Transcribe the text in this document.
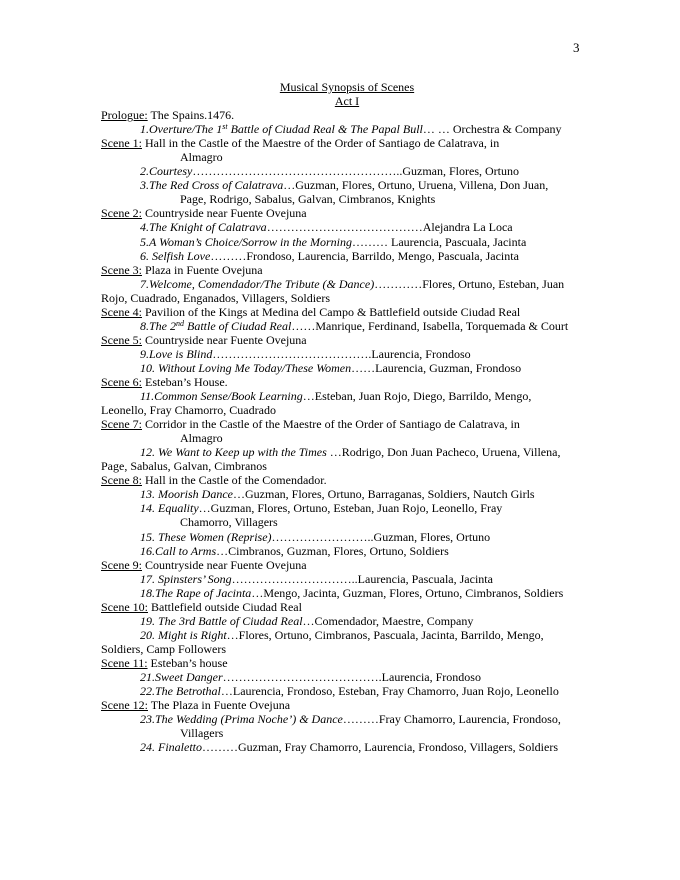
3
Musical Synopsis of Scenes
Act I
Prologue: The Spains.1476.
1.Overture/The 1st Battle of Ciudad Real & The Papal Bull… … Orchestra & Company
Scene 1: Hall in the Castle of the Maestre of the Order of Santiago de Calatrava, in
Almagro
2.Courtesy……………………………………………..Guzman, Flores, Ortuno
3.The Red Cross of Calatrava…Guzman, Flores, Ortuno, Uruena, Villena, Don Juan,
Page, Rodrigo, Sabalus, Galvan, Cimbranos, Knights
Scene 2: Countryside near Fuente Ovejuna
4.The Knight of Calatrava…………………………………Alejandra La Loca
5.A Woman’s Choice/Sorrow in the Morning……… Laurencia, Pascuala, Jacinta
6. Selfish Love………Frondoso, Laurencia, Barrildo, Mengo, Pascuala, Jacinta
Scene 3: Plaza in Fuente Ovejuna
7.Welcome, Comendador/The Tribute (& Dance)…………Flores, Ortuno, Esteban, Juan
Rojo, Cuadrado, Enganados, Villagers, Soldiers
Scene 4: Pavilion of the Kings at Medina del Campo & Battlefield outside Ciudad Real
8.The 2nd Battle of Ciudad Real……Manrique, Ferdinand, Isabella, Torquemada & Court
Scene 5: Countryside near Fuente Ovejuna
9.Love is Blind………………………………….Laurencia, Frondoso
10. Without Loving Me Today/These Women……Laurencia, Guzman, Frondoso
Scene 6: Esteban’s House.
11.Common Sense/Book Learning…Esteban, Juan Rojo, Diego, Barrildo, Mengo,
Leonello, Fray Chamorro, Cuadrado
Scene 7: Corridor in the Castle of the Maestre of the Order of Santiago de Calatrava, in
Almagro
12. We Want to Keep up with the Times …Rodrigo, Don Juan Pacheco, Uruena, Villena,
Page, Sabalus, Galvan, Cimbranos
Scene 8: Hall in the Castle of the Comendador.
13. Moorish Dance…Guzman, Flores, Ortuno, Barraganas, Soldiers, Nautch Girls
14. Equality…Guzman, Flores, Ortuno, Esteban, Juan Rojo, Leonello, Fray
Chamorro, Villagers
15. These Women (Reprise)……………………..Guzman, Flores, Ortuno
16.Call to Arms…Cimbranos, Guzman, Flores, Ortuno, Soldiers
Scene 9: Countryside near Fuente Ovejuna
17. Spinsters’ Song…………………………..Laurencia, Pascuala, Jacinta
18.The Rape of Jacinta…Mengo, Jacinta, Guzman, Flores, Ortuno, Cimbranos, Soldiers
Scene 10: Battlefield outside Ciudad Real
19. The 3rd Battle of Ciudad Real…Comendador, Maestre, Company
20. Might is Right…Flores, Ortuno, Cimbranos, Pascuala, Jacinta, Barrildo, Mengo,
Soldiers, Camp Followers
Scene 11: Esteban’s house
21.Sweet Danger………………………………….Laurencia, Frondoso
22.The Betrothal…Laurencia, Frondoso, Esteban, Fray Chamorro, Juan Rojo, Leonello
Scene 12: The Plaza in Fuente Ovejuna
23.The Wedding (Prima Noche’) & Dance………Fray Chamorro, Laurencia, Frondoso,
Villagers
24. Finaletto………Guzman, Fray Chamorro, Laurencia, Frondoso, Villagers, Soldiers
